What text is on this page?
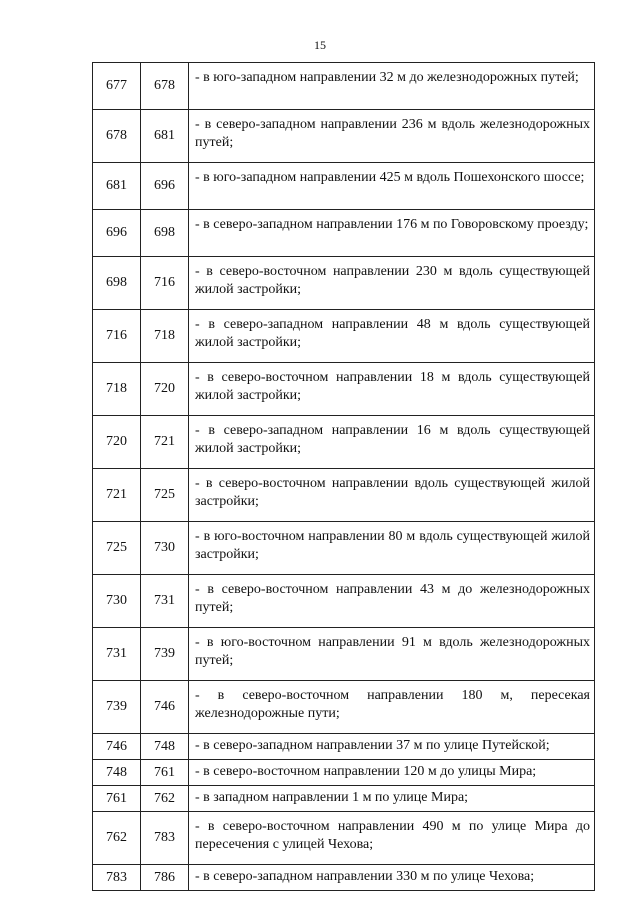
15
677	678	- в юго-западном направлении 32 м до железнодорожных путей;
678	681	- в северо-западном направлении 236 м вдоль железнодорожных путей;
681	696	- в юго-западном направлении 425 м вдоль Пошехонского шоссе;
696	698	- в северо-западном направлении 176 м по Говоровскому проезду;
698	716	- в северо-восточном направлении 230 м вдоль существующей жилой застройки;
716	718	- в северо-западном направлении 48 м вдоль существующей жилой застройки;
718	720	- в северо-восточном направлении 18 м вдоль существующей жилой застройки;
720	721	- в северо-западном направлении 16 м вдоль существующей жилой застройки;
721	725	- в северо-восточном направлении вдоль существующей жилой застройки;
725	730	- в юго-восточном направлении 80 м вдоль существующей жилой застройки;
730	731	- в северо-восточном направлении 43 м до железнодорожных путей;
731	739	- в юго-восточном направлении 91 м вдоль железнодорожных путей;
739	746	- в северо-восточном направлении 180 м, пересекая железнодорожные пути;
746	748	- в северо-западном направлении 37 м по улице Путейской;
748	761	- в северо-восточном направлении 120 м до улицы Мира;
761	762	- в западном направлении 1 м по улице Мира;
762	783	- в северо-восточном направлении 490 м по улице Мира до пересечения с улицей Чехова;
783	786	- в северо-западном направлении 330 м по улице Чехова;
